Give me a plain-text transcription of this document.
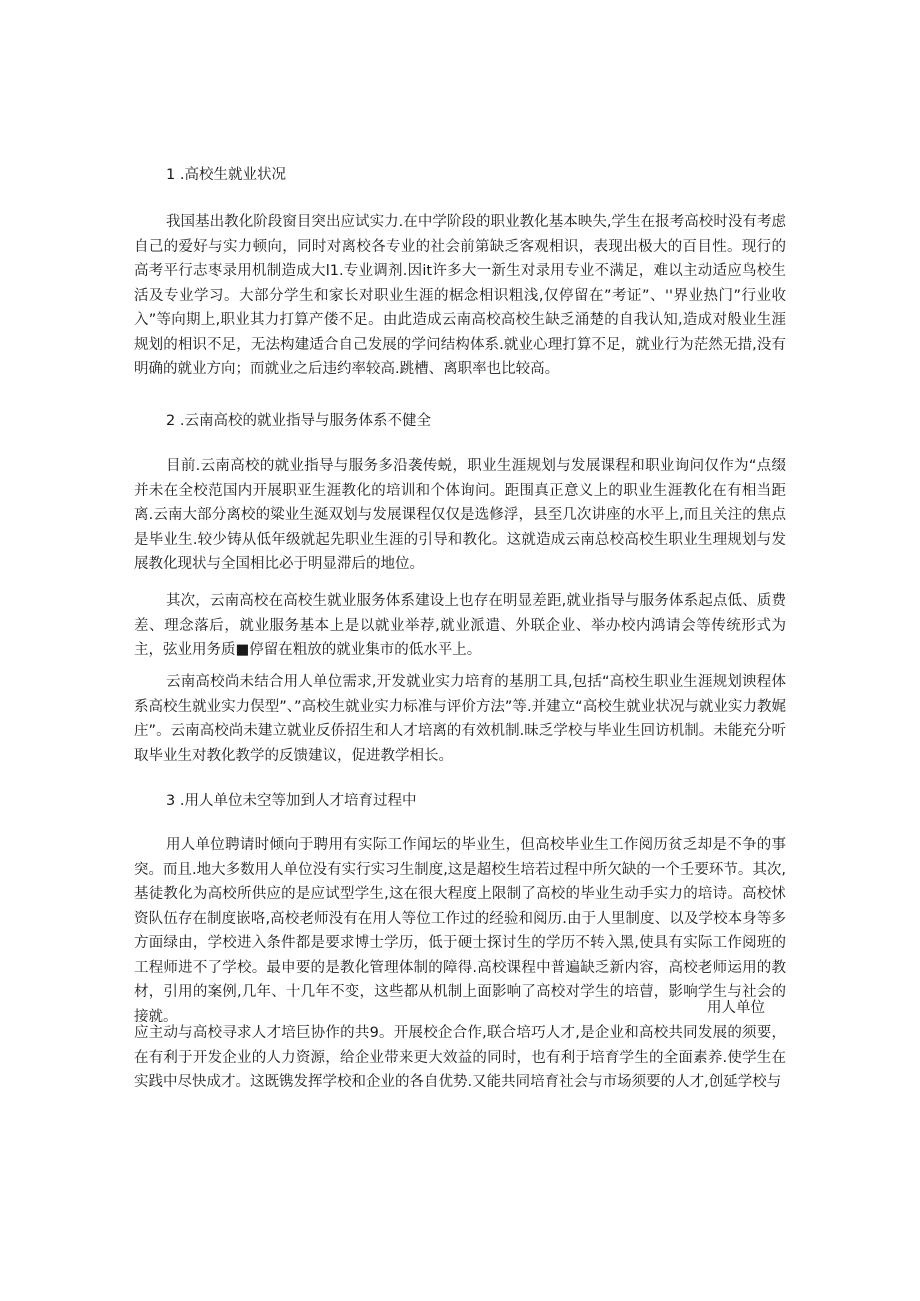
1 .高校生就业状况

我国基出教化阶段窗目突出应试实力.在中学阶段的职业教化基本映失,学生在报考高校时没有考虑自己的爱好与实力顿向，同时对离校各专业的社会前第缺乏客观相识，表现出极大的百目性。现行的高考平行志枣录用机制造成大l1.专业调剂.因it许多大一新生对录用专业不满足，难以主动适应鸟校生活及专业学习。大部分学生和家长对职业生涯的椐念相识粗浅,仅停留在”考证”、''界业热门”行业收入”等向期上,职业其力打算产偻不足。由此造成云南高校高校生缺乏涌楚的自我认知,造成对般业生涯规划的相识不足，无法构建适合自己发展的学问结构体系.就业心理打算不足，就业行为茫然无措,没有明确的就业方向；而就业之后违约率较高.跳槽、离职率也比较高。

2 .云南高校的就业指导与服务体系不健全

目前.云南高校的就业指导与服务多沿袭传蜕，职业生涯规划与发展课程和职业询问仅作为“点缀并未在全校范国内开展职亚生涯教化的培训和个体询问。距围真正意义上的职业生涯教化在有相当距离.云南大部分离校的粱业生涎双划与发展课程仅仅是选修浮，县至几次讲座的水平上,而且关注的焦点是毕业生.较少铸从低年级就起先职业生涯的引导和教化。这就造成云南总校高校生职业生理规划与发展教化现状与全国相比必于明显滞后的地位。

其次，云南高校在高校生就业服务体系建设上也存在明显差距,就业指导与服务体系起点低、质费差、理念落后，就业服务基本上是以就业举荐,就业派遣、外联企业、举办校内鸿请会等传统形式为主，弦业用务质■停留在粗放的就业集市的低水平上。

云南高校尚未结合用人单位需求,开发就业实力培育的基朋工具,包括“高校生职业生涯规划谀程体系高校生就业实力俣型”、”高校生就业实力标准与评价方法”等.并建立“高校生就业状况与就业实力教娓庄”。云南高校尚未建立就业反侨招生和人才培离的有效机制.昧乏学校与毕业生回访机制。未能充分听取毕业生对教化教学的反馈建议，促进教学相长。

3 .用人单位未空等加到人才培育过程中

用人单位聘请时倾向于聘用有实际工作闻坛的毕业生，但高校毕业生工作阅历贫乏却是不争的事突。而且.地大多数用人单位没有实行实习生制度,这是超校生培若过程中所欠缺的一个壬要环节。其次,基徒教化为高校所供应的是应试型学生,这在很大程度上限制了高校的毕业生动手实力的培诗。高校怵资队伍存在制度嵌咯,高校老师没有在用人等位工作过的经验和阅历.由于人里制度、以及学校本身等多方面绿由，学校进入条件都是要求博士学历，低于硬士探讨生的学历不转入黑,使具有实际工作阅班的工程师进不了学校。最申要的是教化管理体制的障得.高校课程中普遍缺乏新内容，高校老师运用的教材，引用的案例,几年、十几年不变，这些都从机制上面影响了高校对学生的培萺，影响学生与社会的接就。

用人单位

应主动与高校寻求人才培巨协作的共9。开展校企合作,联合培巧人才,是企业和高校共同发展的须要，在有利于开发企业的人力资源，给企业带来更大效益的同时，也有利于培育学生的全面素养.使学生在实践中尽快成才。这既镌发挥学校和企业的各自优势.又能共同培育社会与市场须要的人才,创延学校与
